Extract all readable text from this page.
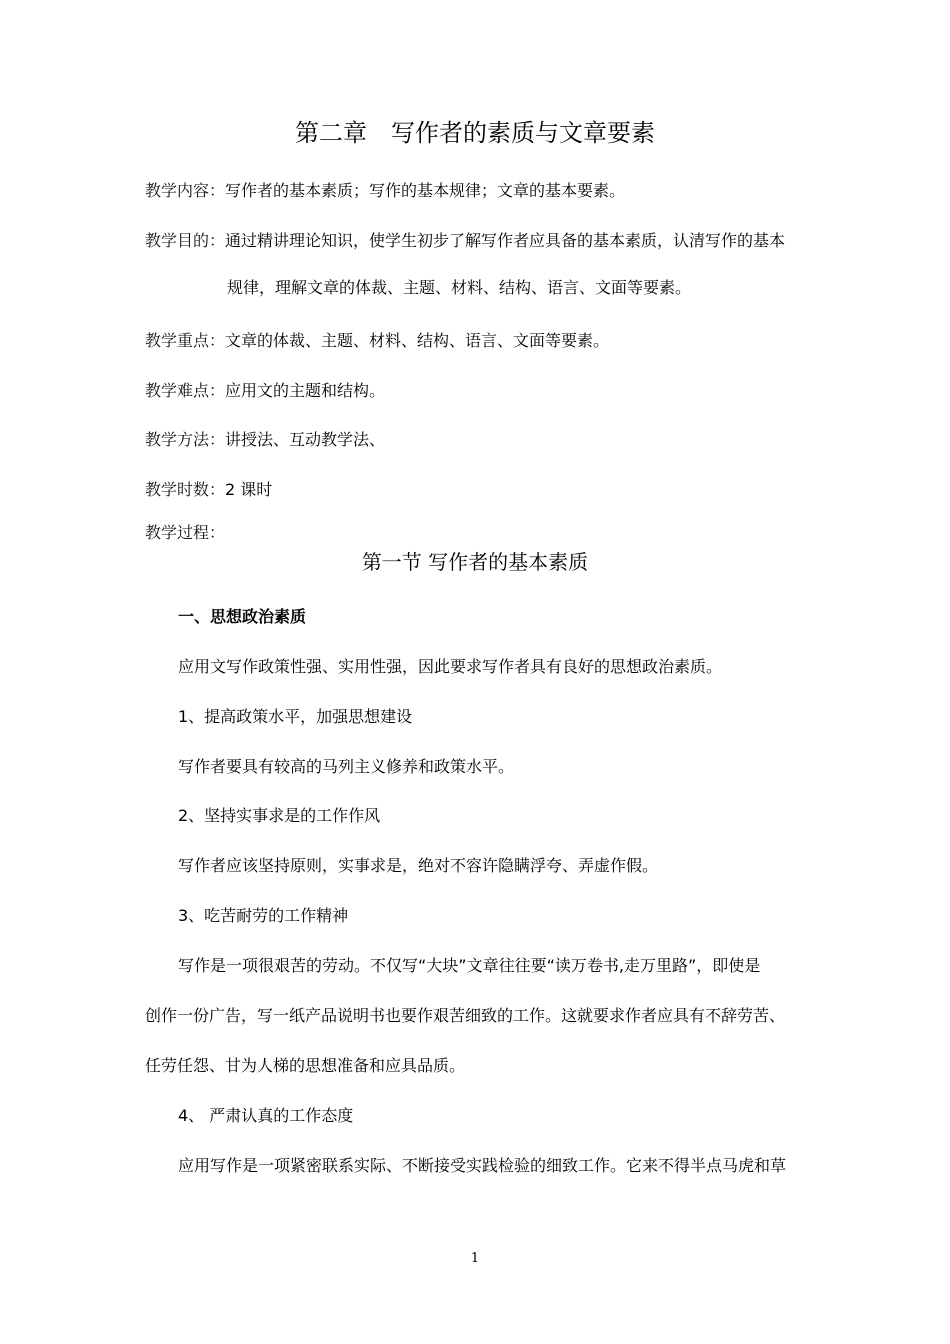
第二章　写作者的素质与文章要素
教学内容：写作者的基本素质；写作的基本规律；文章的基本要素。
教学目的：通过精讲理论知识，使学生初步了解写作者应具备的基本素质，认清写作的基本
规律，理解文章的体裁、主题、材料、结构、语言、文面等要素。
教学重点：文章的体裁、主题、材料、结构、语言、文面等要素。
教学难点：应用文的主题和结构。
教学方法：讲授法、互动教学法、
教学时数：2 课时
教学过程：
第一节 写作者的基本素质
一、思想政治素质
应用文写作政策性强、实用性强，因此要求写作者具有良好的思想政治素质。
1、提高政策水平，加强思想建设
写作者要具有较高的马列主义修养和政策水平。
2、坚持实事求是的工作作风
写作者应该坚持原则，实事求是，绝对不容许隐瞒浮夸、弄虚作假。
3、吃苦耐劳的工作精神
写作是一项很艰苦的劳动。不仅写“大块”文章往往要“读万卷书,走万里路”，即使是
创作一份广告，写一纸产品说明书也要作艰苦细致的工作。这就要求作者应具有不辞劳苦、
任劳任怨、甘为人梯的思想准备和应具品质。
4、 严肃认真的工作态度
应用写作是一项紧密联系实际、不断接受实践检验的细致工作。它来不得半点马虎和草
1
